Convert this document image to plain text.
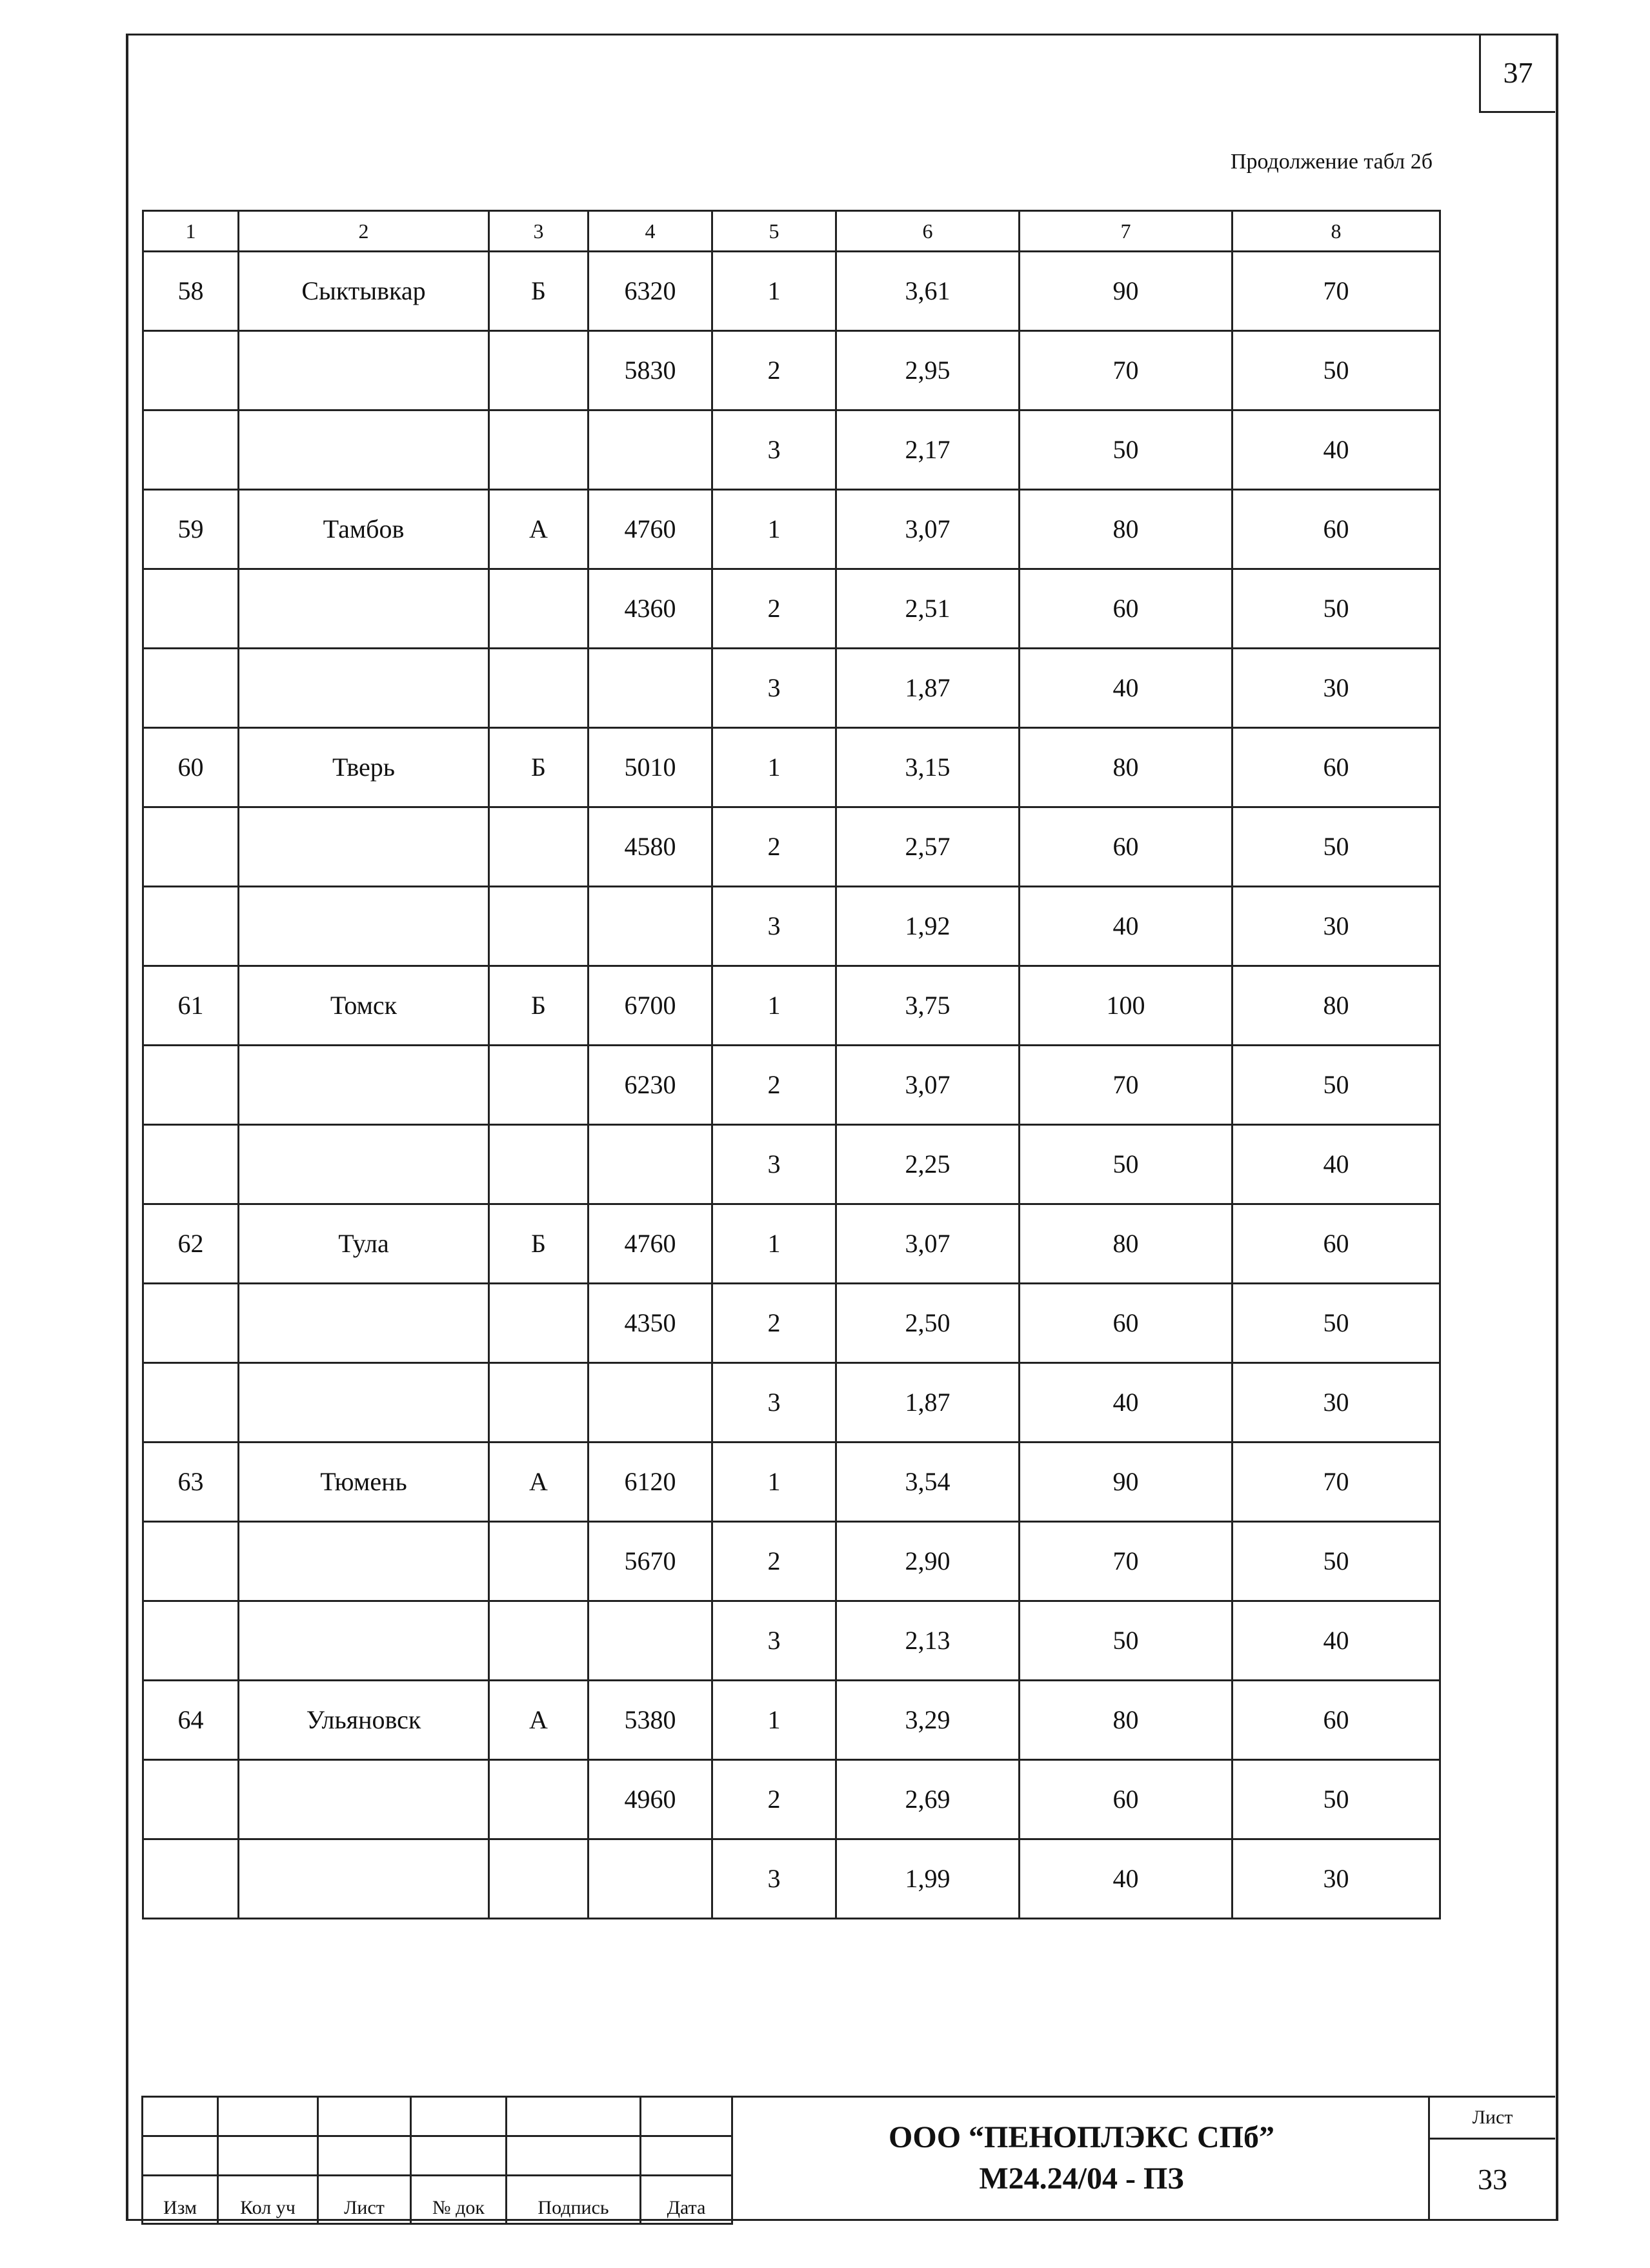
37
Продолжение табл 2б
1	2	3	4	5	6	7	8
58	Сыктывкар	Б	6320	1	3,61	90	70
			5830	2	2,95	70	50
				3	2,17	50	40
59	Тамбов	А	4760	1	3,07	80	60
			4360	2	2,51	60	50
				3	1,87	40	30
60	Тверь	Б	5010	1	3,15	80	60
			4580	2	2,57	60	50
				3	1,92	40	30
61	Томск	Б	6700	1	3,75	100	80
			6230	2	3,07	70	50
				3	2,25	50	40
62	Тула	Б	4760	1	3,07	80	60
			4350	2	2,50	60	50
				3	1,87	40	30
63	Тюмень	А	6120	1	3,54	90	70
			5670	2	2,90	70	50
				3	2,13	50	40
64	Ульяновск	А	5380	1	3,29	80	60
			4960	2	2,69	60	50
				3	1,99	40	30

Изм	Кол уч	Лист	№ док	Подпись	Дата
ООО “ПЕНОПЛЭКС СПб”
М24.24/04 - ПЗ
Лист
33
